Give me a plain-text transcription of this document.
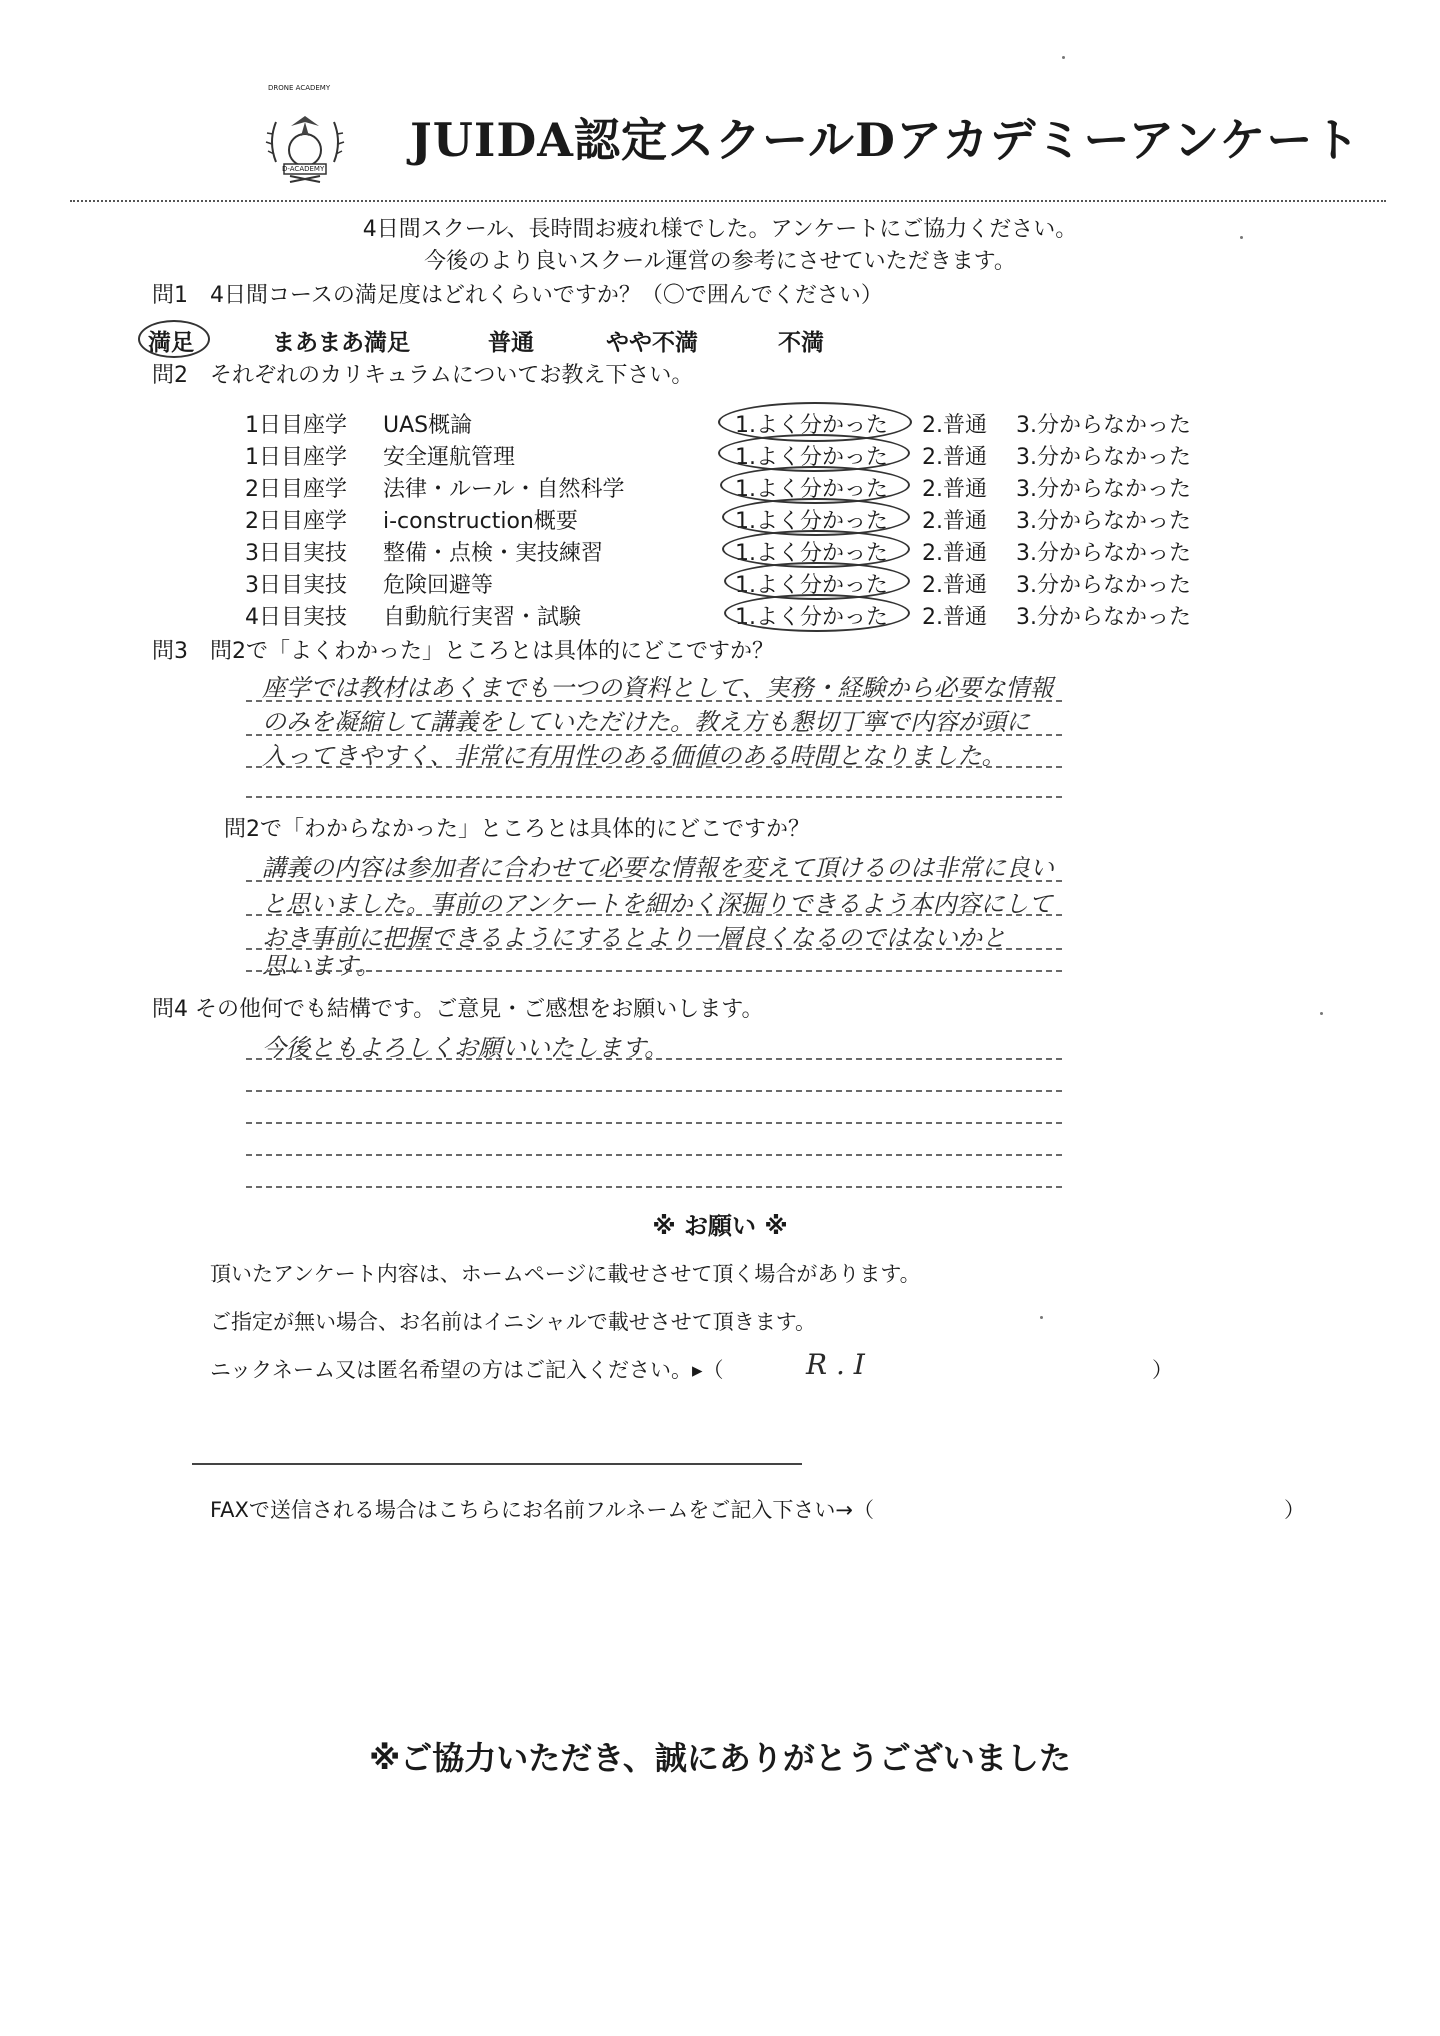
DRONE ACADEMY
D-ACADEMY
JUIDA認定スクールDアカデミーアンケート
4日間スクール、長時間お疲れ様でした。アンケートにご協力ください。
今後のより良いスクール運営の参考にさせていただきます。
問1　4日間コースの満足度はどれくらいですか？（〇で囲んでください）
満足	まあまあ満足	普通	やや不満	不満
問2　それぞれのカリキュラムについてお教え下さい。
1日目座学 UAS概論	1.よく分かった 2.普通 3.分からなかった
1日目座学 安全運航管理	1.よく分かった 2.普通 3.分からなかった
2日目座学 法律・ルール・自然科学	1.よく分かった 2.普通 3.分からなかった
2日目座学 i-construction概要	1.よく分かった 2.普通 3.分からなかった
3日目実技 整備・点検・実技練習	1.よく分かった 2.普通 3.分からなかった
3日目実技 危険回避等	1.よく分かった 2.普通 3.分からなかった
4日目実技 自動航行実習・試験	1.よく分かった 2.普通 3.分からなかった
問3　問2で「よくわかった」ところとは具体的にどこですか？
座学では教材はあくまでも一つの資料として、実務・経験から必要な情報
のみを凝縮して講義をしていただけた。教え方も懇切丁寧で内容が頭に
入ってきやすく、非常に有用性のある価値のある時間となりました。
問2で「わからなかった」ところとは具体的にどこですか？
講義の内容は参加者に合わせて必要な情報を変えて頂けるのは非常に良い
と思いました。事前のアンケートを細かく深掘りできるよう本内容にして
おき事前に把握できるようにするとより一層良くなるのではないかと
思います。
問4 その他何でも結構です。ご意見・ご感想をお願いします。
今後ともよろしくお願いいたします。
※ お願い ※
頂いたアンケート内容は、ホームページに載せさせて頂く場合があります。
ご指定が無い場合、お名前はイニシャルで載せさせて頂きます。
ニックネーム又は匿名希望の方はご記入ください。▸（	R . I	）
FAXで送信される場合はこちらにお名前フルネームをご記入下さい→（	）
※ご協力いただき、誠にありがとうございました
